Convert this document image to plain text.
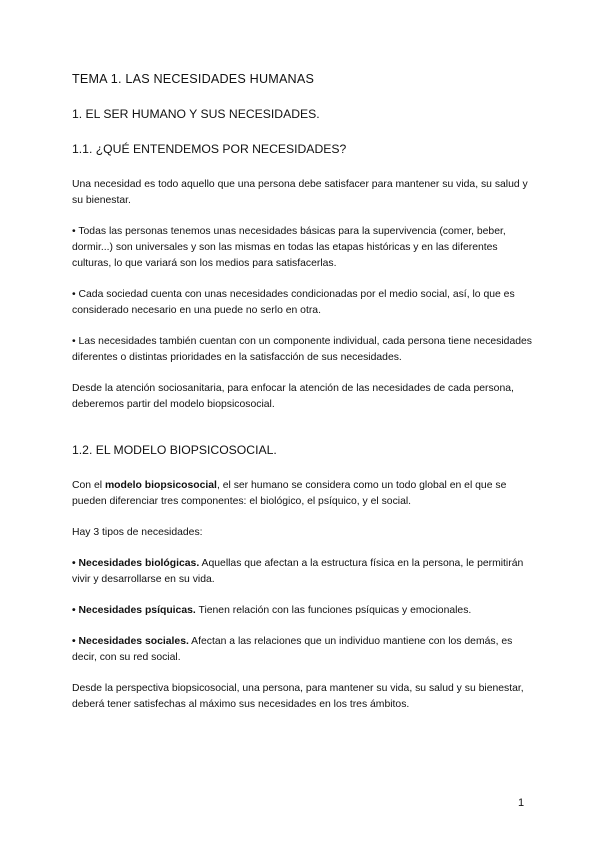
TEMA 1. LAS NECESIDADES HUMANAS
1. EL SER HUMANO Y SUS NECESIDADES.
1.1. ¿QUÉ ENTENDEMOS POR NECESIDADES?

Una necesidad es todo aquello que una persona debe satisfacer para mantener su vida, su salud y su bienestar.

• Todas las personas tenemos unas necesidades básicas para la supervivencia (comer, beber, dormir...) son universales y son las mismas en todas las etapas históricas y en las diferentes culturas, lo que variará son los medios para satisfacerlas.

• Cada sociedad cuenta con unas necesidades condicionadas por el medio social, así, lo que es considerado necesario en una puede no serlo en otra.

• Las necesidades también cuentan con un componente individual, cada persona tiene necesidades diferentes o distintas prioridades en la satisfacción de sus necesidades.

Desde la atención sociosanitaria, para enfocar la atención de las necesidades de cada persona, deberemos partir del modelo biopsicosocial.

1.2. EL MODELO BIOPSICOSOCIAL.

Con el modelo biopsicosocial, el ser humano se considera como un todo global en el que se pueden diferenciar tres componentes: el biológico, el psíquico, y el social.

Hay 3 tipos de necesidades:

• Necesidades biológicas. Aquellas que afectan a la estructura física en la persona, le permitirán vivir y desarrollarse en su vida.

• Necesidades psíquicas. Tienen relación con las funciones psíquicas y emocionales.

• Necesidades sociales. Afectan a las relaciones que un individuo mantiene con los demás, es decir, con su red social.

Desde la perspectiva biopsicosocial, una persona, para mantener su vida, su salud y su bienestar, deberá tener satisfechas al máximo sus necesidades en los tres ámbitos.

1
